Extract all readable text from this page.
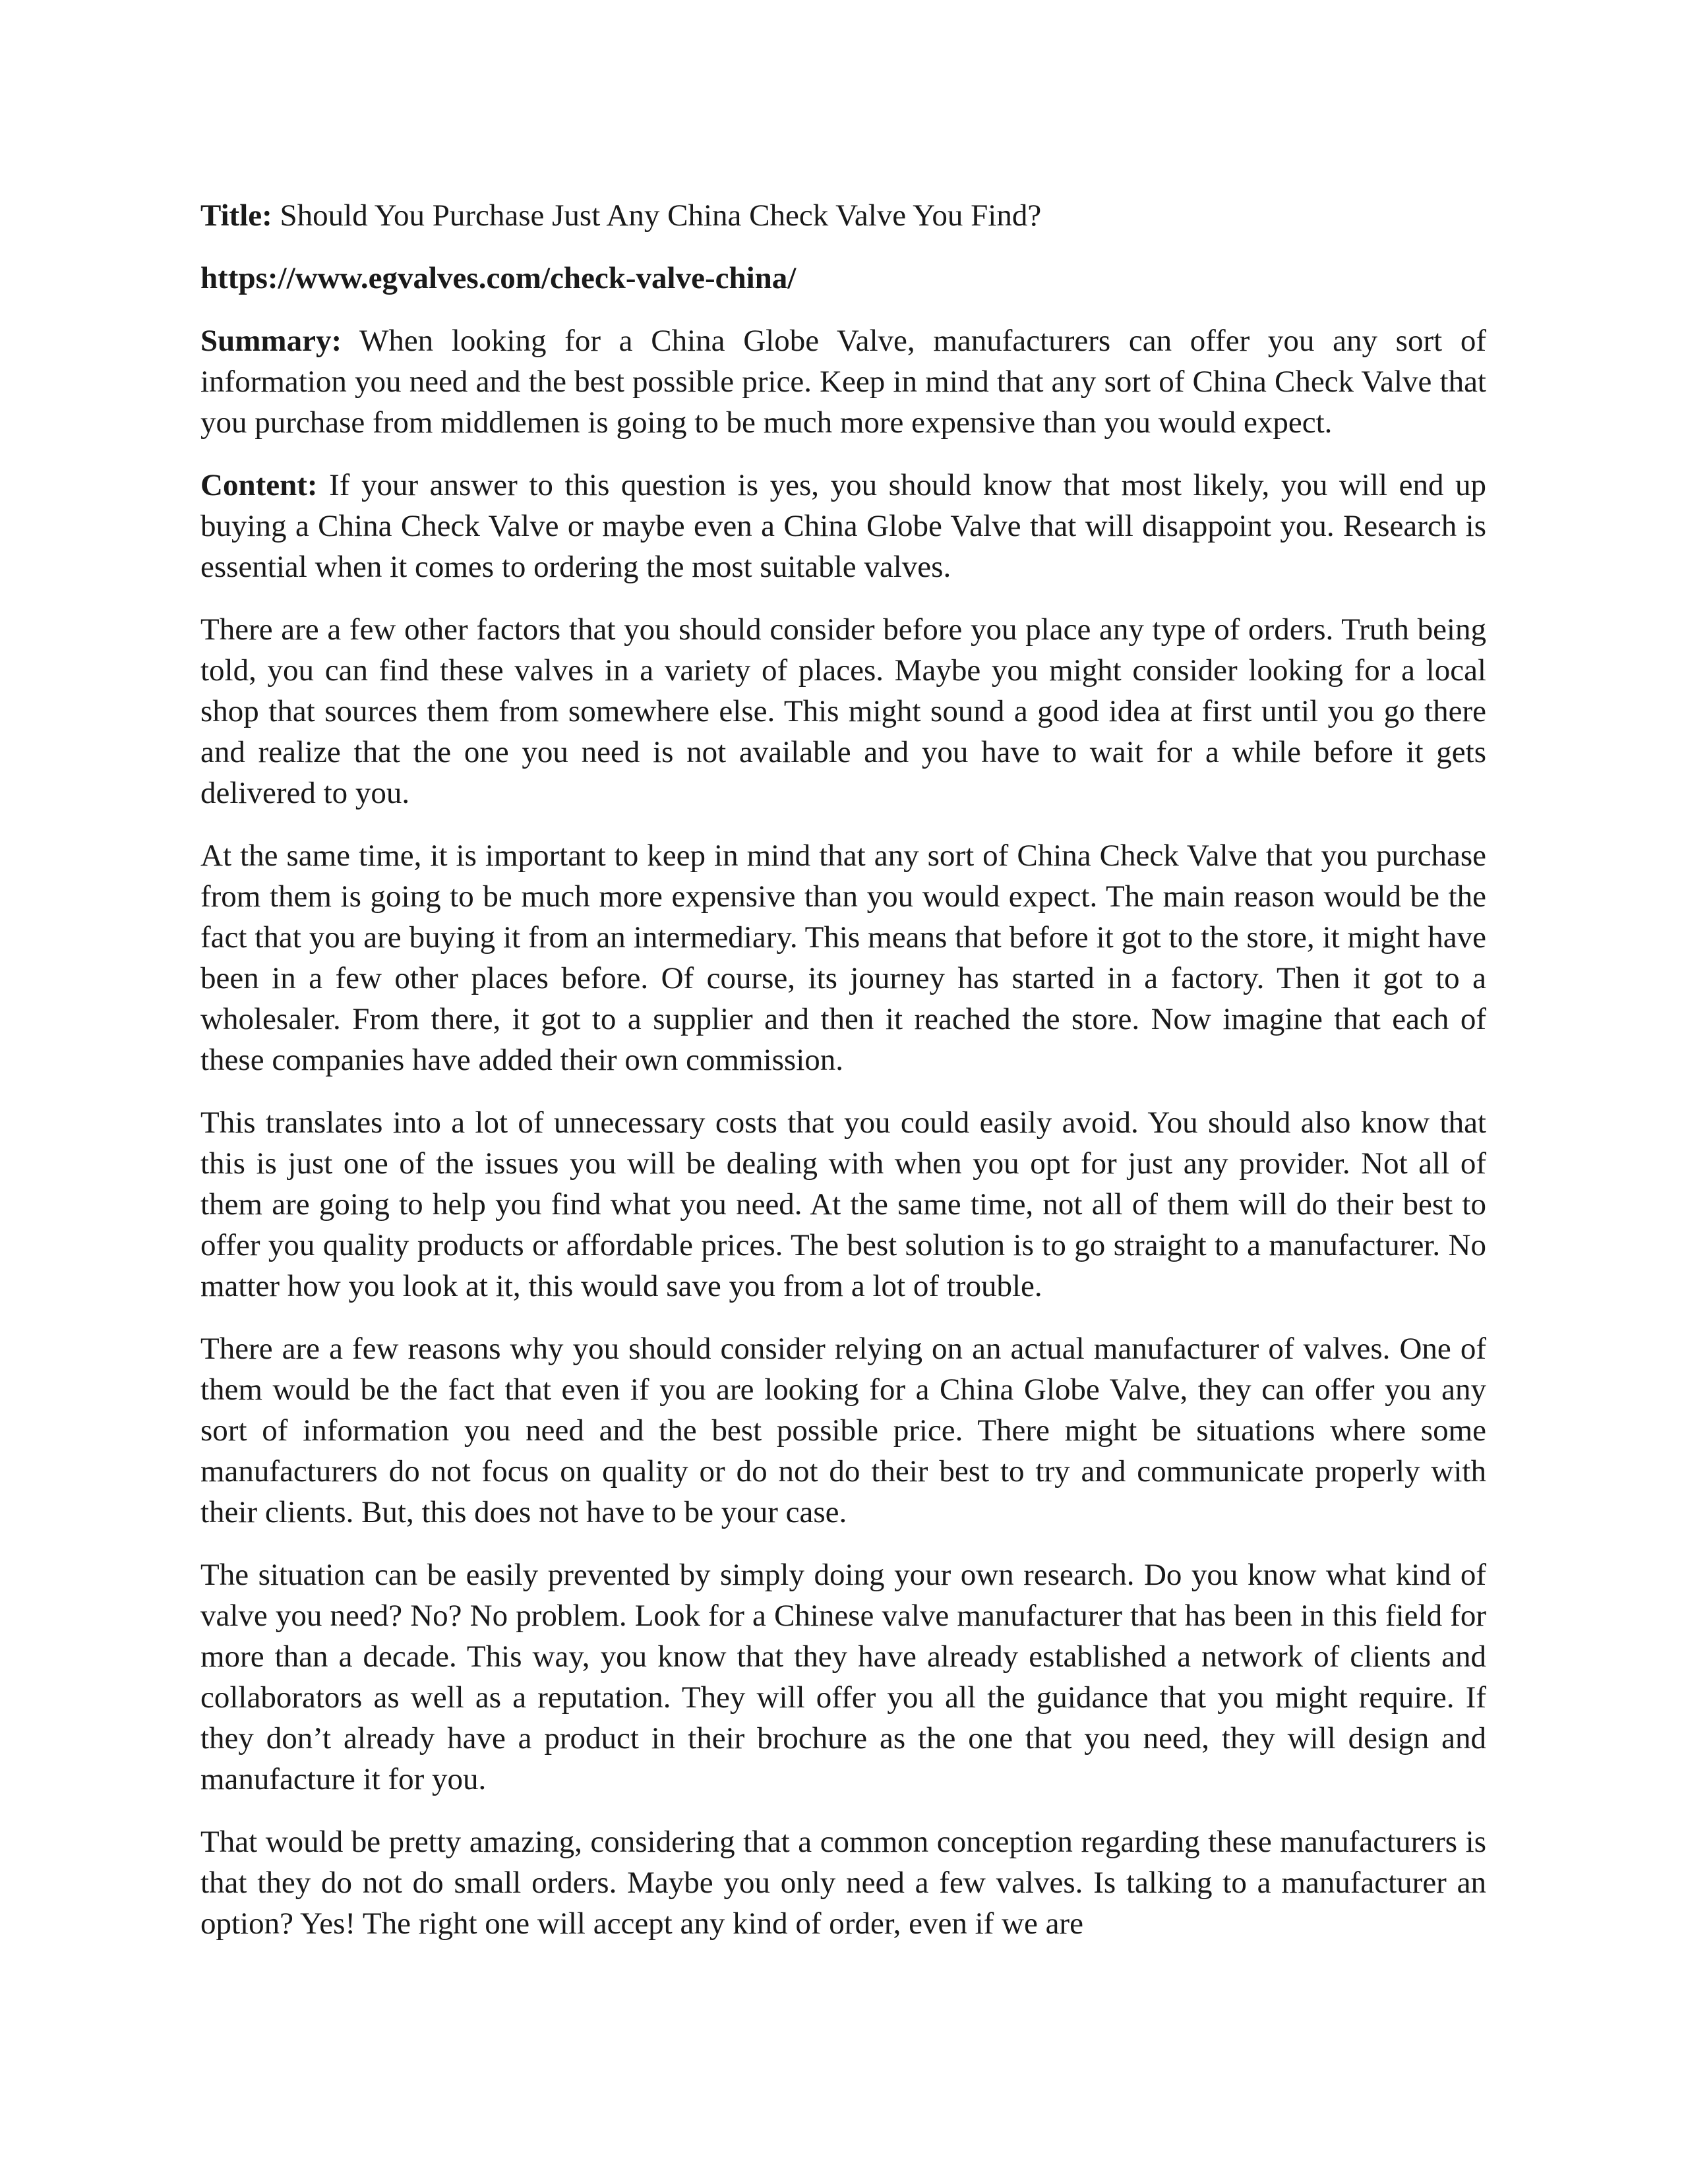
Title: Should You Purchase Just Any China Check Valve You Find?

https://www.egvalves.com/check-valve-china/

Summary: When looking for a China Globe Valve, manufacturers can offer you any sort of information you need and the best possible price. Keep in mind that any sort of China Check Valve that you purchase from middlemen is going to be much more expensive than you would expect.

Content: If your answer to this question is yes, you should know that most likely, you will end up buying a China Check Valve or maybe even a China Globe Valve that will disappoint you. Research is essential when it comes to ordering the most suitable valves.

There are a few other factors that you should consider before you place any type of orders. Truth being told, you can find these valves in a variety of places. Maybe you might consider looking for a local shop that sources them from somewhere else. This might sound a good idea at first until you go there and realize that the one you need is not available and you have to wait for a while before it gets delivered to you.

At the same time, it is important to keep in mind that any sort of China Check Valve that you purchase from them is going to be much more expensive than you would expect. The main reason would be the fact that you are buying it from an intermediary. This means that before it got to the store, it might have been in a few other places before. Of course, its journey has started in a factory. Then it got to a wholesaler. From there, it got to a supplier and then it reached the store. Now imagine that each of these companies have added their own commission.

This translates into a lot of unnecessary costs that you could easily avoid. You should also know that this is just one of the issues you will be dealing with when you opt for just any provider. Not all of them are going to help you find what you need. At the same time, not all of them will do their best to offer you quality products or affordable prices. The best solution is to go straight to a manufacturer. No matter how you look at it, this would save you from a lot of trouble.

There are a few reasons why you should consider relying on an actual manufacturer of valves. One of them would be the fact that even if you are looking for a China Globe Valve, they can offer you any sort of information you need and the best possible price. There might be situations where some manufacturers do not focus on quality or do not do their best to try and communicate properly with their clients. But, this does not have to be your case.

The situation can be easily prevented by simply doing your own research. Do you know what kind of valve you need? No? No problem. Look for a Chinese valve manufacturer that has been in this field for more than a decade. This way, you know that they have already established a network of clients and collaborators as well as a reputation. They will offer you all the guidance that you might require. If they don’t already have a product in their brochure as the one that you need, they will design and manufacture it for you.

That would be pretty amazing, considering that a common conception regarding these manufacturers is that they do not do small orders. Maybe you only need a few valves. Is talking to a manufacturer an option? Yes! The right one will accept any kind of order, even if we are
